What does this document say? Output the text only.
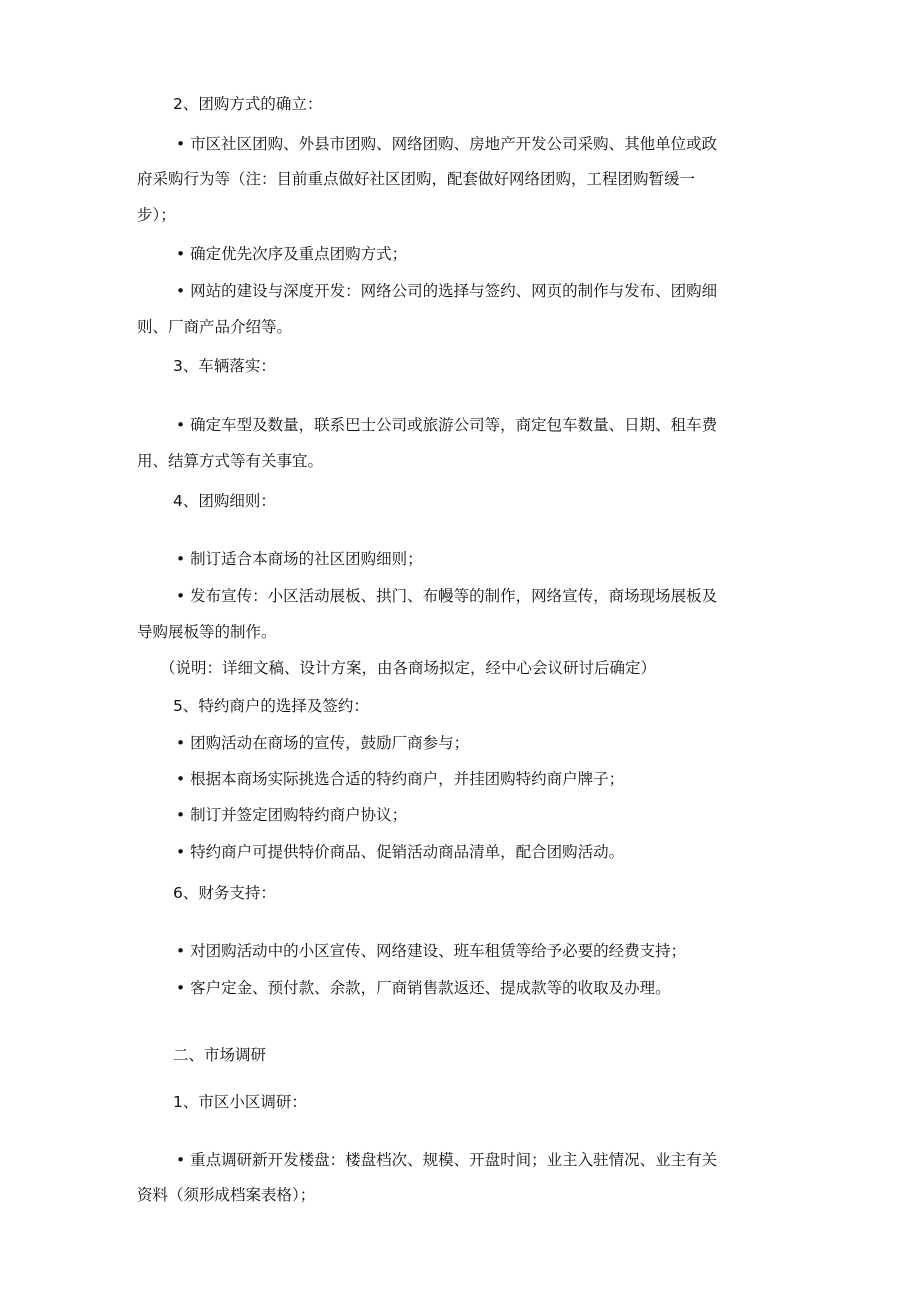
2、团购方式的确立：
• 市区社区团购、外县市团购、网络团购、房地产开发公司采购、其他单位或政
府采购行为等（注：目前重点做好社区团购，配套做好网络团购，工程团购暂缓一
步）；
• 确定优先次序及重点团购方式；
• 网站的建设与深度开发：网络公司的选择与签约、网页的制作与发布、团购细
则、厂商产品介绍等。
3、车辆落实：
• 确定车型及数量，联系巴士公司或旅游公司等，商定包车数量、日期、租车费
用、结算方式等有关事宜。
4、团购细则：
• 制订适合本商场的社区团购细则；
• 发布宣传：小区活动展板、拱门、布幔等的制作，网络宣传，商场现场展板及
导购展板等的制作。
（说明：详细文稿、设计方案，由各商场拟定，经中心会议研讨后确定）
5、特约商户的选择及签约：
• 团购活动在商场的宣传，鼓励厂商参与；
• 根据本商场实际挑选合适的特约商户，并挂团购特约商户牌子；
• 制订并签定团购特约商户协议；
• 特约商户可提供特价商品、促销活动商品清单，配合团购活动。
6、财务支持：
• 对团购活动中的小区宣传、网络建设、班车租赁等给予必要的经费支持；
• 客户定金、预付款、余款，厂商销售款返还、提成款等的收取及办理。
二、市场调研
1、市区小区调研：
• 重点调研新开发楼盘：楼盘档次、规模、开盘时间；业主入驻情况、业主有关
资料（须形成档案表格）；
